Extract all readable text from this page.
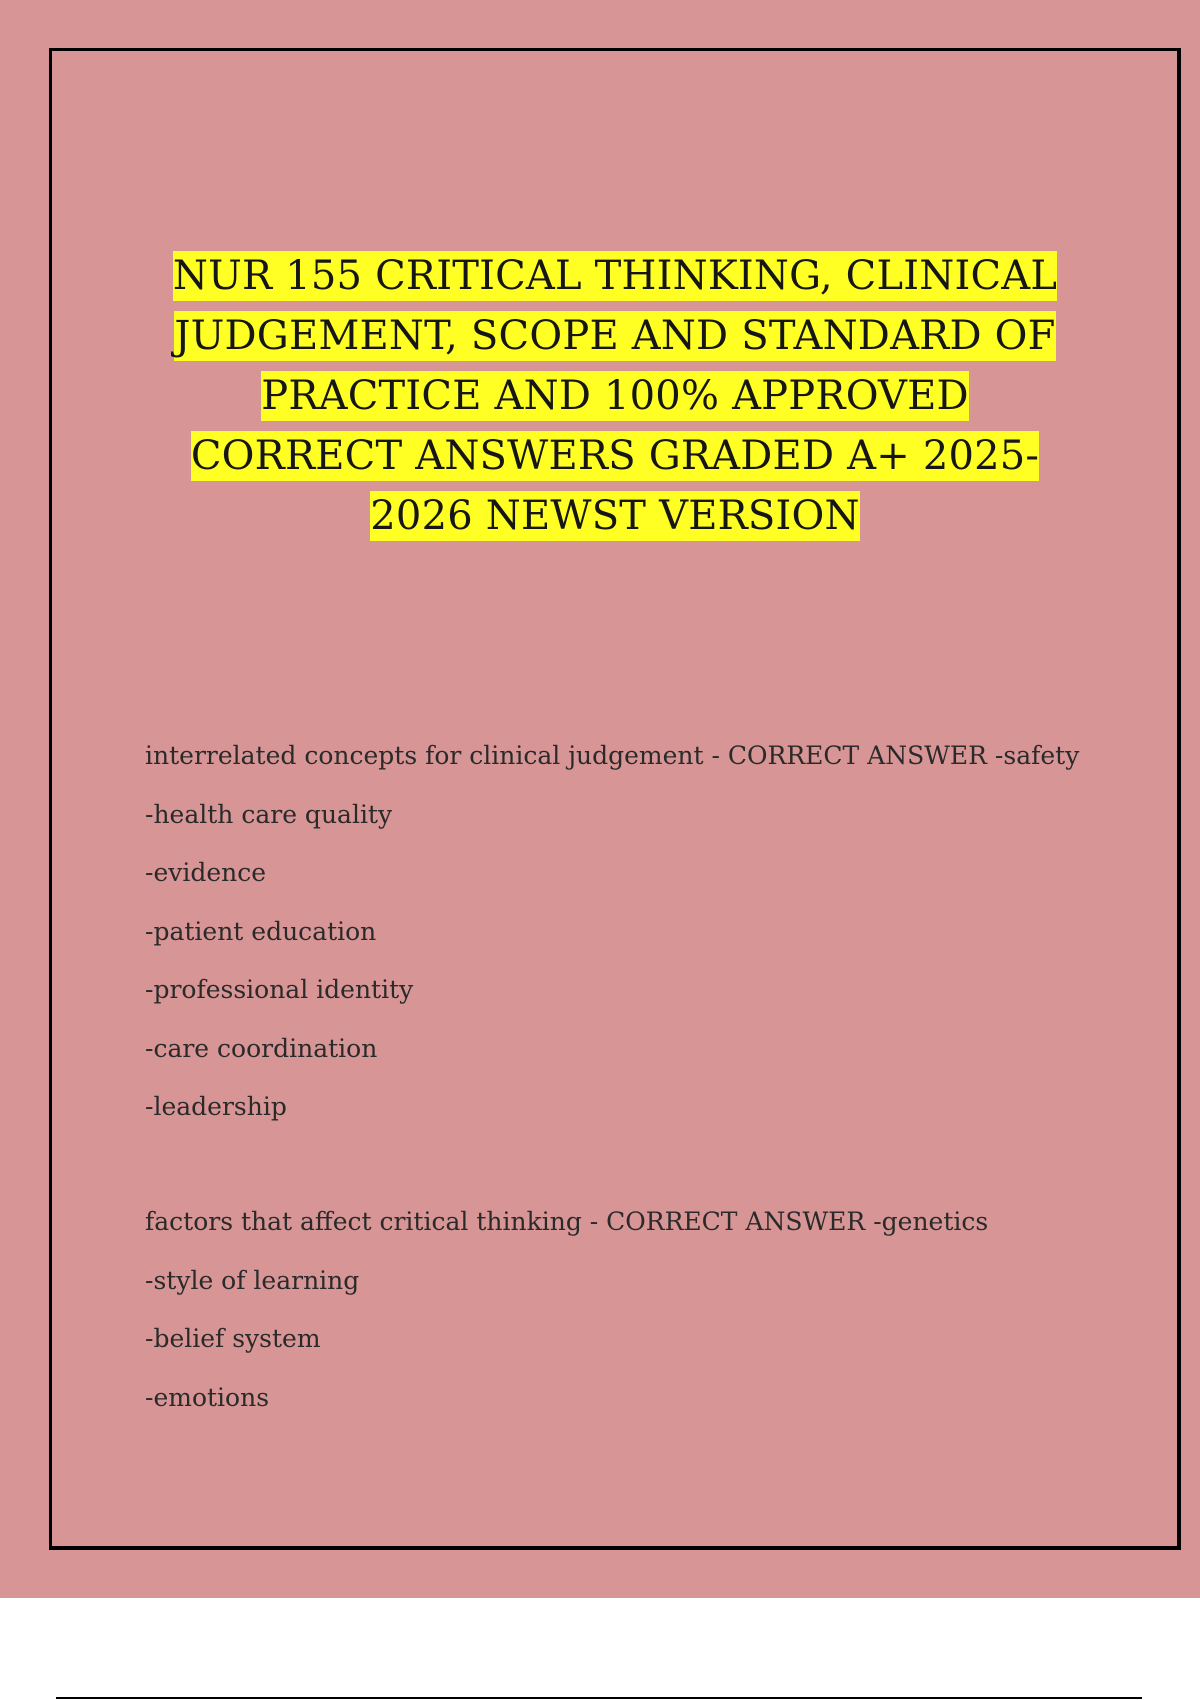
NUR 155 CRITICAL THINKING, CLINICAL JUDGEMENT, SCOPE AND STANDARD OF PRACTICE AND 100% APPROVED CORRECT ANSWERS GRADED A+ 2025-2026 NEWST VERSION
interrelated concepts for clinical judgement - CORRECT ANSWER -safety
-health care quality
-evidence
-patient education
-professional identity
-care coordination
-leadership
factors that affect critical thinking - CORRECT ANSWER -genetics
-style of learning
-belief system
-emotions
